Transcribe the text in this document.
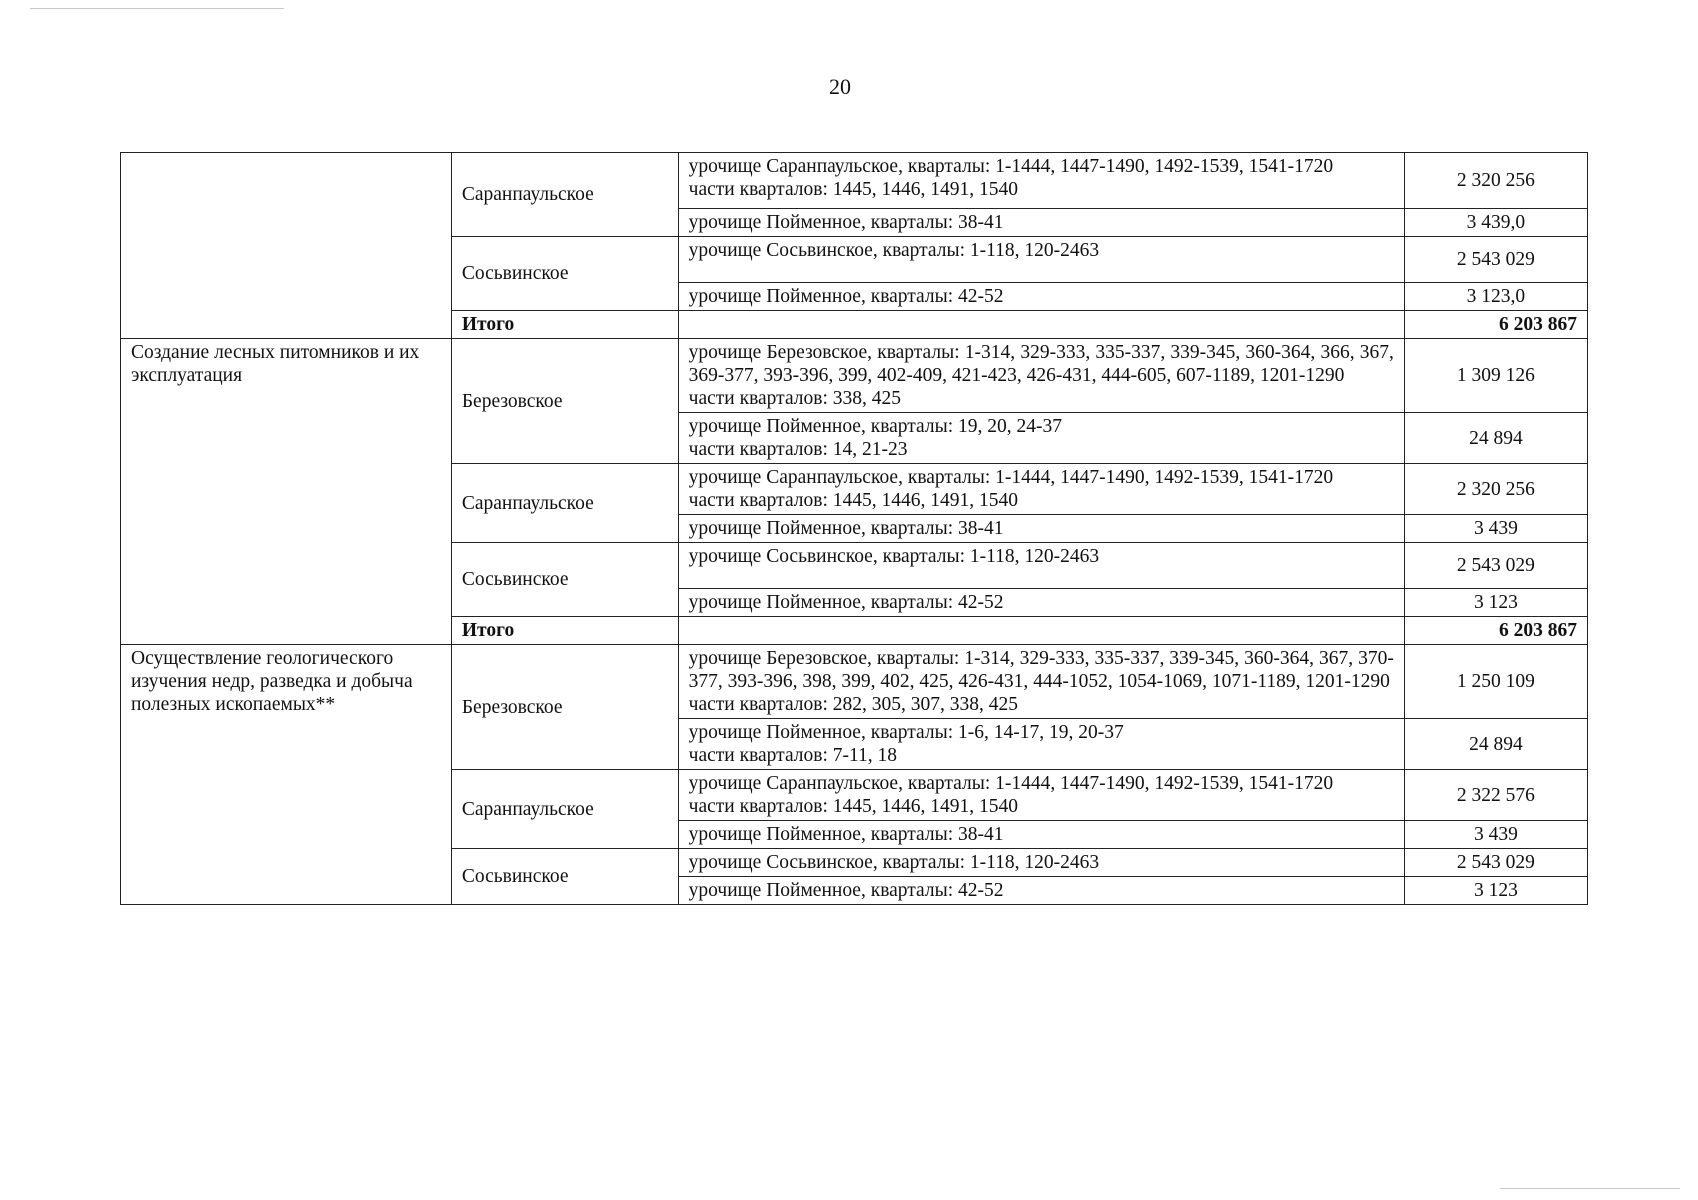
20
	Саранпаульское	урочище Саранпаульское, кварталы: 1-1444, 1447-1490, 1492-1539, 1541-1720
части кварталов: 1445, 1446, 1491, 1540	2 320 256
		урочище Пойменное, кварталы: 38-41	3 439,0
	Сосьвинское	урочище Сосьвинское, кварталы: 1-118, 120-2463	2 543 029
		урочище Пойменное, кварталы: 42-52	3 123,0
	Итого		6 203 867
Создание лесных питомников и их эксплуатация	Березовское	урочище Березовское, кварталы: 1-314, 329-333, 335-337, 339-345, 360-364, 366, 367, 369-377, 393-396, 399, 402-409, 421-423, 426-431, 444-605, 607-1189, 1201-1290
части кварталов: 338, 425	1 309 126

		урочище Пойменное, кварталы: 19, 20, 24-37
части кварталов: 14, 21-23	24 894
	Саранпаульское	урочище Саранпаульское, кварталы: 1-1444, 1447-1490, 1492-1539, 1541-1720
части кварталов: 1445, 1446, 1491, 1540	2 320 256
		урочище Пойменное, кварталы: 38-41	3 439
	Сосьвинское	урочище Сосьвинское, кварталы: 1-118, 120-2463	2 543 029
		урочище Пойменное, кварталы: 42-52	3 123
	Итого		6 203 867
Осуществление геологического изучения недр, разведка и добыча полезных ископаемых**	Березовское	урочище Березовское, кварталы: 1-314, 329-333, 335-337, 339-345, 360-364, 367, 370-377, 393-396, 398, 399, 402, 425, 426-431, 444-1052, 1054-1069, 1071-1189, 1201-1290
части кварталов: 282, 305, 307, 338, 425	1 250 109

		урочище Пойменное, кварталы: 1-6, 14-17, 19, 20-37
части кварталов: 7-11, 18	24 894
	Саранпаульское	урочище Саранпаульское, кварталы: 1-1444, 1447-1490, 1492-1539, 1541-1720
части кварталов: 1445, 1446, 1491, 1540	2 322 576
		урочище Пойменное, кварталы: 38-41	3 439
	Сосьвинское	урочище Сосьвинское, кварталы: 1-118, 120-2463	2 543 029
		урочище Пойменное, кварталы: 42-52	3 123
